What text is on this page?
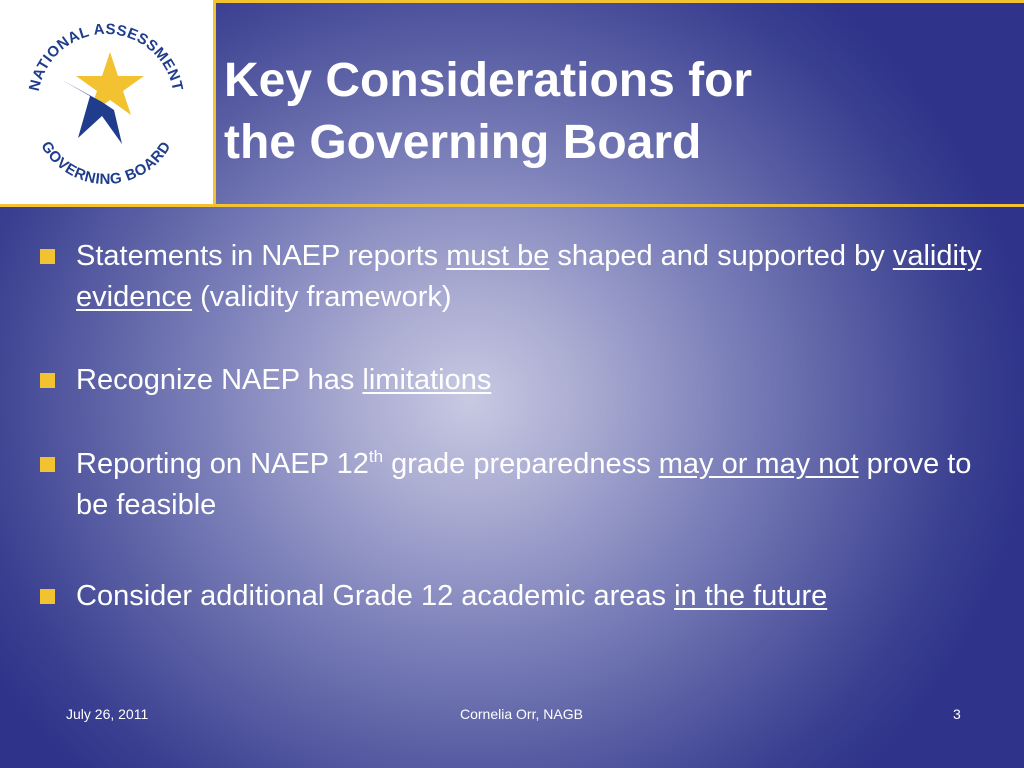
NATIONAL ASSESSMENT
GOVERNING BOARD
Key Considerations for
the Governing Board
Statements in NAEP reports must be shaped and supported by validity evidence (validity framework)
Recognize NAEP has limitations
Reporting on NAEP 12th grade preparedness may or may not prove to be feasible
Consider additional Grade 12 academic areas in the future
July 26, 2011	Cornelia Orr, NAGB	3
